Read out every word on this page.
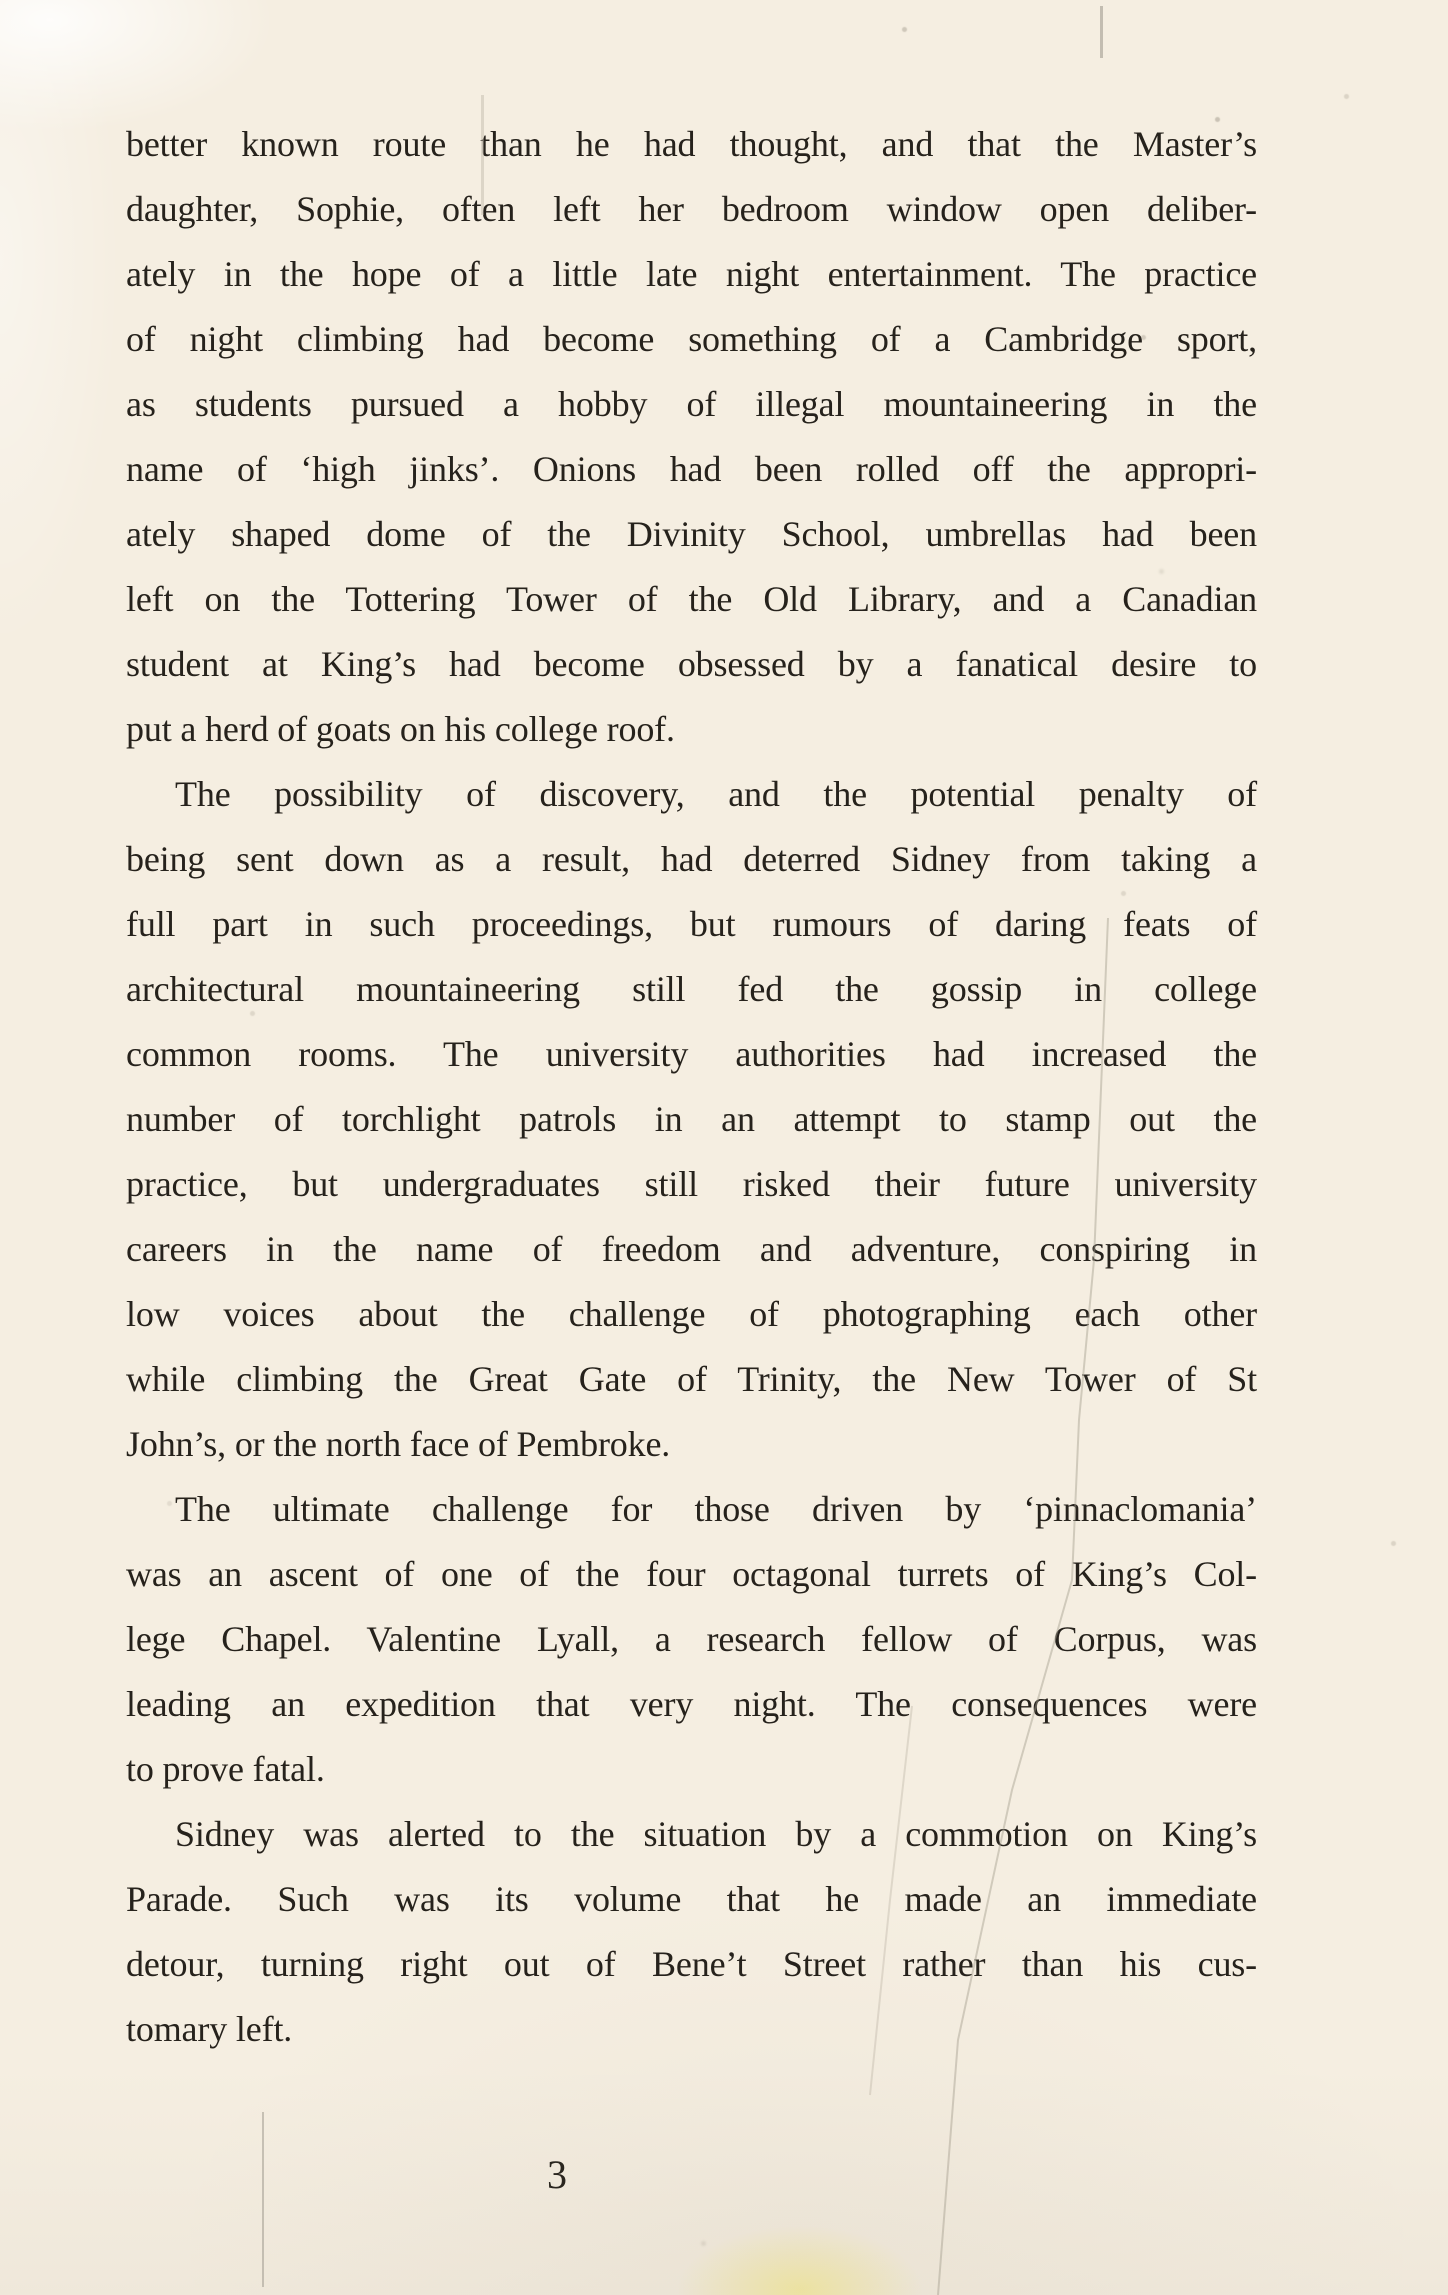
better known route than he had thought, and that the Master’s
daughter, Sophie, often left her bedroom window open deliber-
ately in the hope of a little late night entertainment. The practice
of night climbing had become something of a Cambridge sport,
as students pursued a hobby of illegal mountaineering in the
name of ‘high jinks’. Onions had been rolled off the appropri-
ately shaped dome of the Divinity School, umbrellas had been
left on the Tottering Tower of the Old Library, and a Canadian
student at King’s had become obsessed by a fanatical desire to
put a herd of goats on his college roof.
The possibility of discovery, and the potential penalty of
being sent down as a result, had deterred Sidney from taking a
full part in such proceedings, but rumours of daring feats of
architectural mountaineering still fed the gossip in college
common rooms. The university authorities had increased the
number of torchlight patrols in an attempt to stamp out the
practice, but undergraduates still risked their future university
careers in the name of freedom and adventure, conspiring in
low voices about the challenge of photographing each other
while climbing the Great Gate of Trinity, the New Tower of St
John’s, or the north face of Pembroke.
The ultimate challenge for those driven by ‘pinnaclomania’
was an ascent of one of the four octagonal turrets of King’s Col-
lege Chapel. Valentine Lyall, a research fellow of Corpus, was
leading an expedition that very night. The consequences were
to prove fatal.
Sidney was alerted to the situation by a commotion on King’s
Parade. Such was its volume that he made an immediate
detour, turning right out of Bene’t Street rather than his cus-
tomary left.
3
